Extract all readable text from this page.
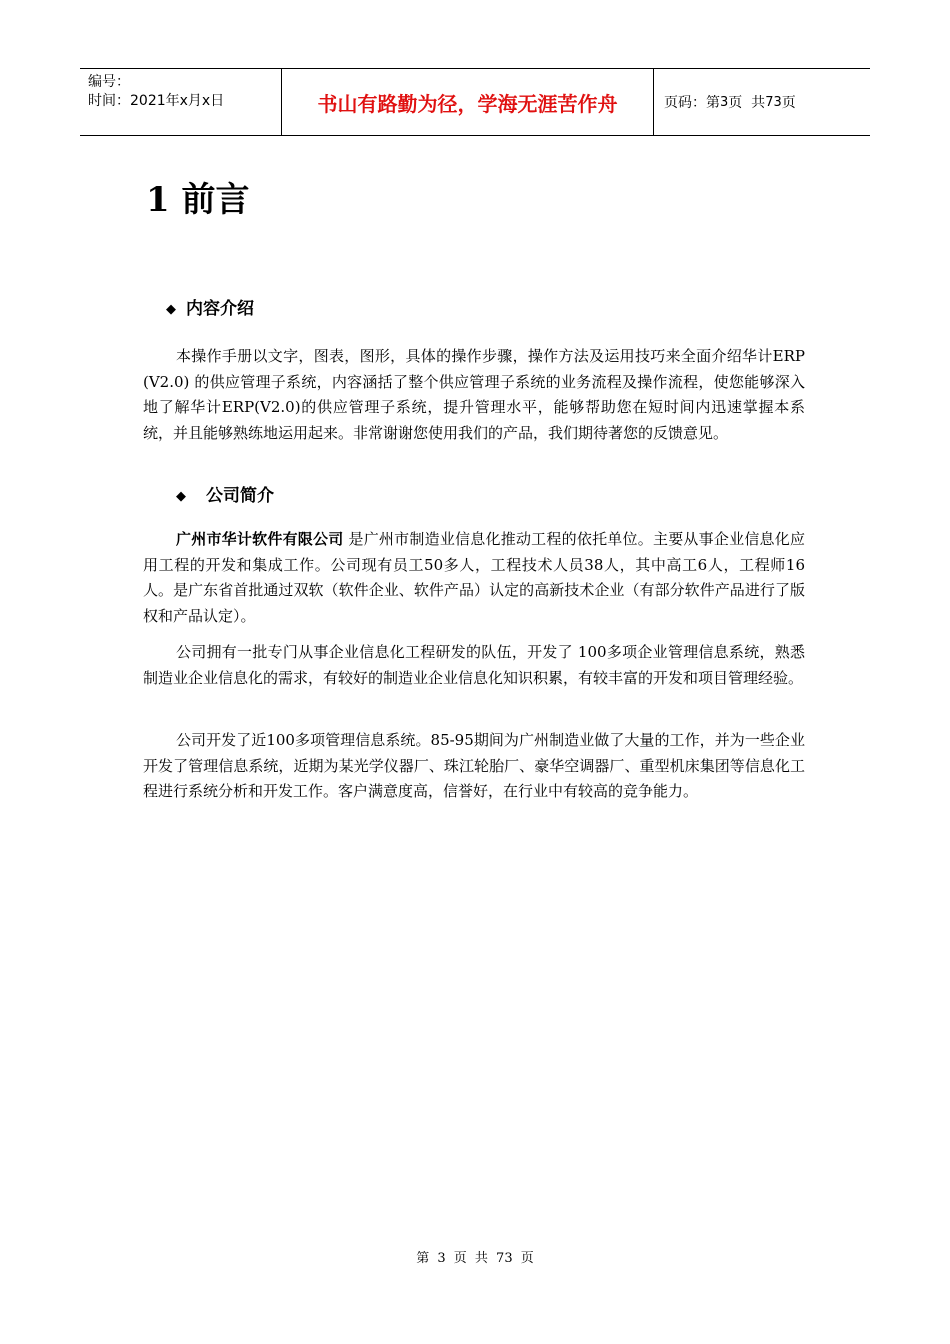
编号：
时间：2021年x月x日	书山有路勤为径，学海无涯苦作舟	页码：第 3 页  共 73 页
1 前言
◆ 内容介绍
本操作手册以文字，图表，图形，具体的操作步骤，操作方法及运用技巧来全面介绍华计ERP (V2.0) 的供应管理子系统，内容涵括了整个供应管理子系统的业务流程及操作流程，使您能够深入地了解华计ERP(V2.0)的供应管理子系统，提升管理水平，能够帮助您在短时间内迅速掌握本系统，并且能够熟练地运用起来。非常谢谢您使用我们的产品，我们期待著您的反馈意见。
◆ 公司简介
广州市华计软件有限公司 是广州市制造业信息化推动工程的依托单位。主要从事企业信息化应用工程的开发和集成工作。公司现有员工50多人，工程技术人员38人，其中高工6人，工程师16人。是广东省首批通过双软（软件企业、软件产品）认定的高新技术企业（有部分软件产品进行了版权和产品认定）。
公司拥有一批专门从事企业信息化工程研发的队伍，开发了 100多项企业管理信息系统，熟悉制造业企业信息化的需求，有较好的制造业企业信息化知识积累，有较丰富的开发和项目管理经验。
公司开发了近100多项管理信息系统。85-95期间为广州制造业做了大量的工作，并为一些企业开发了管理信息系统，近期为某光学仪器厂、珠江轮胎厂、豪华空调器厂、重型机床集团等信息化工程进行系统分析和开发工作。客户满意度高，信誉好，在行业中有较高的竞争能力。
第 3 页 共 73 页
